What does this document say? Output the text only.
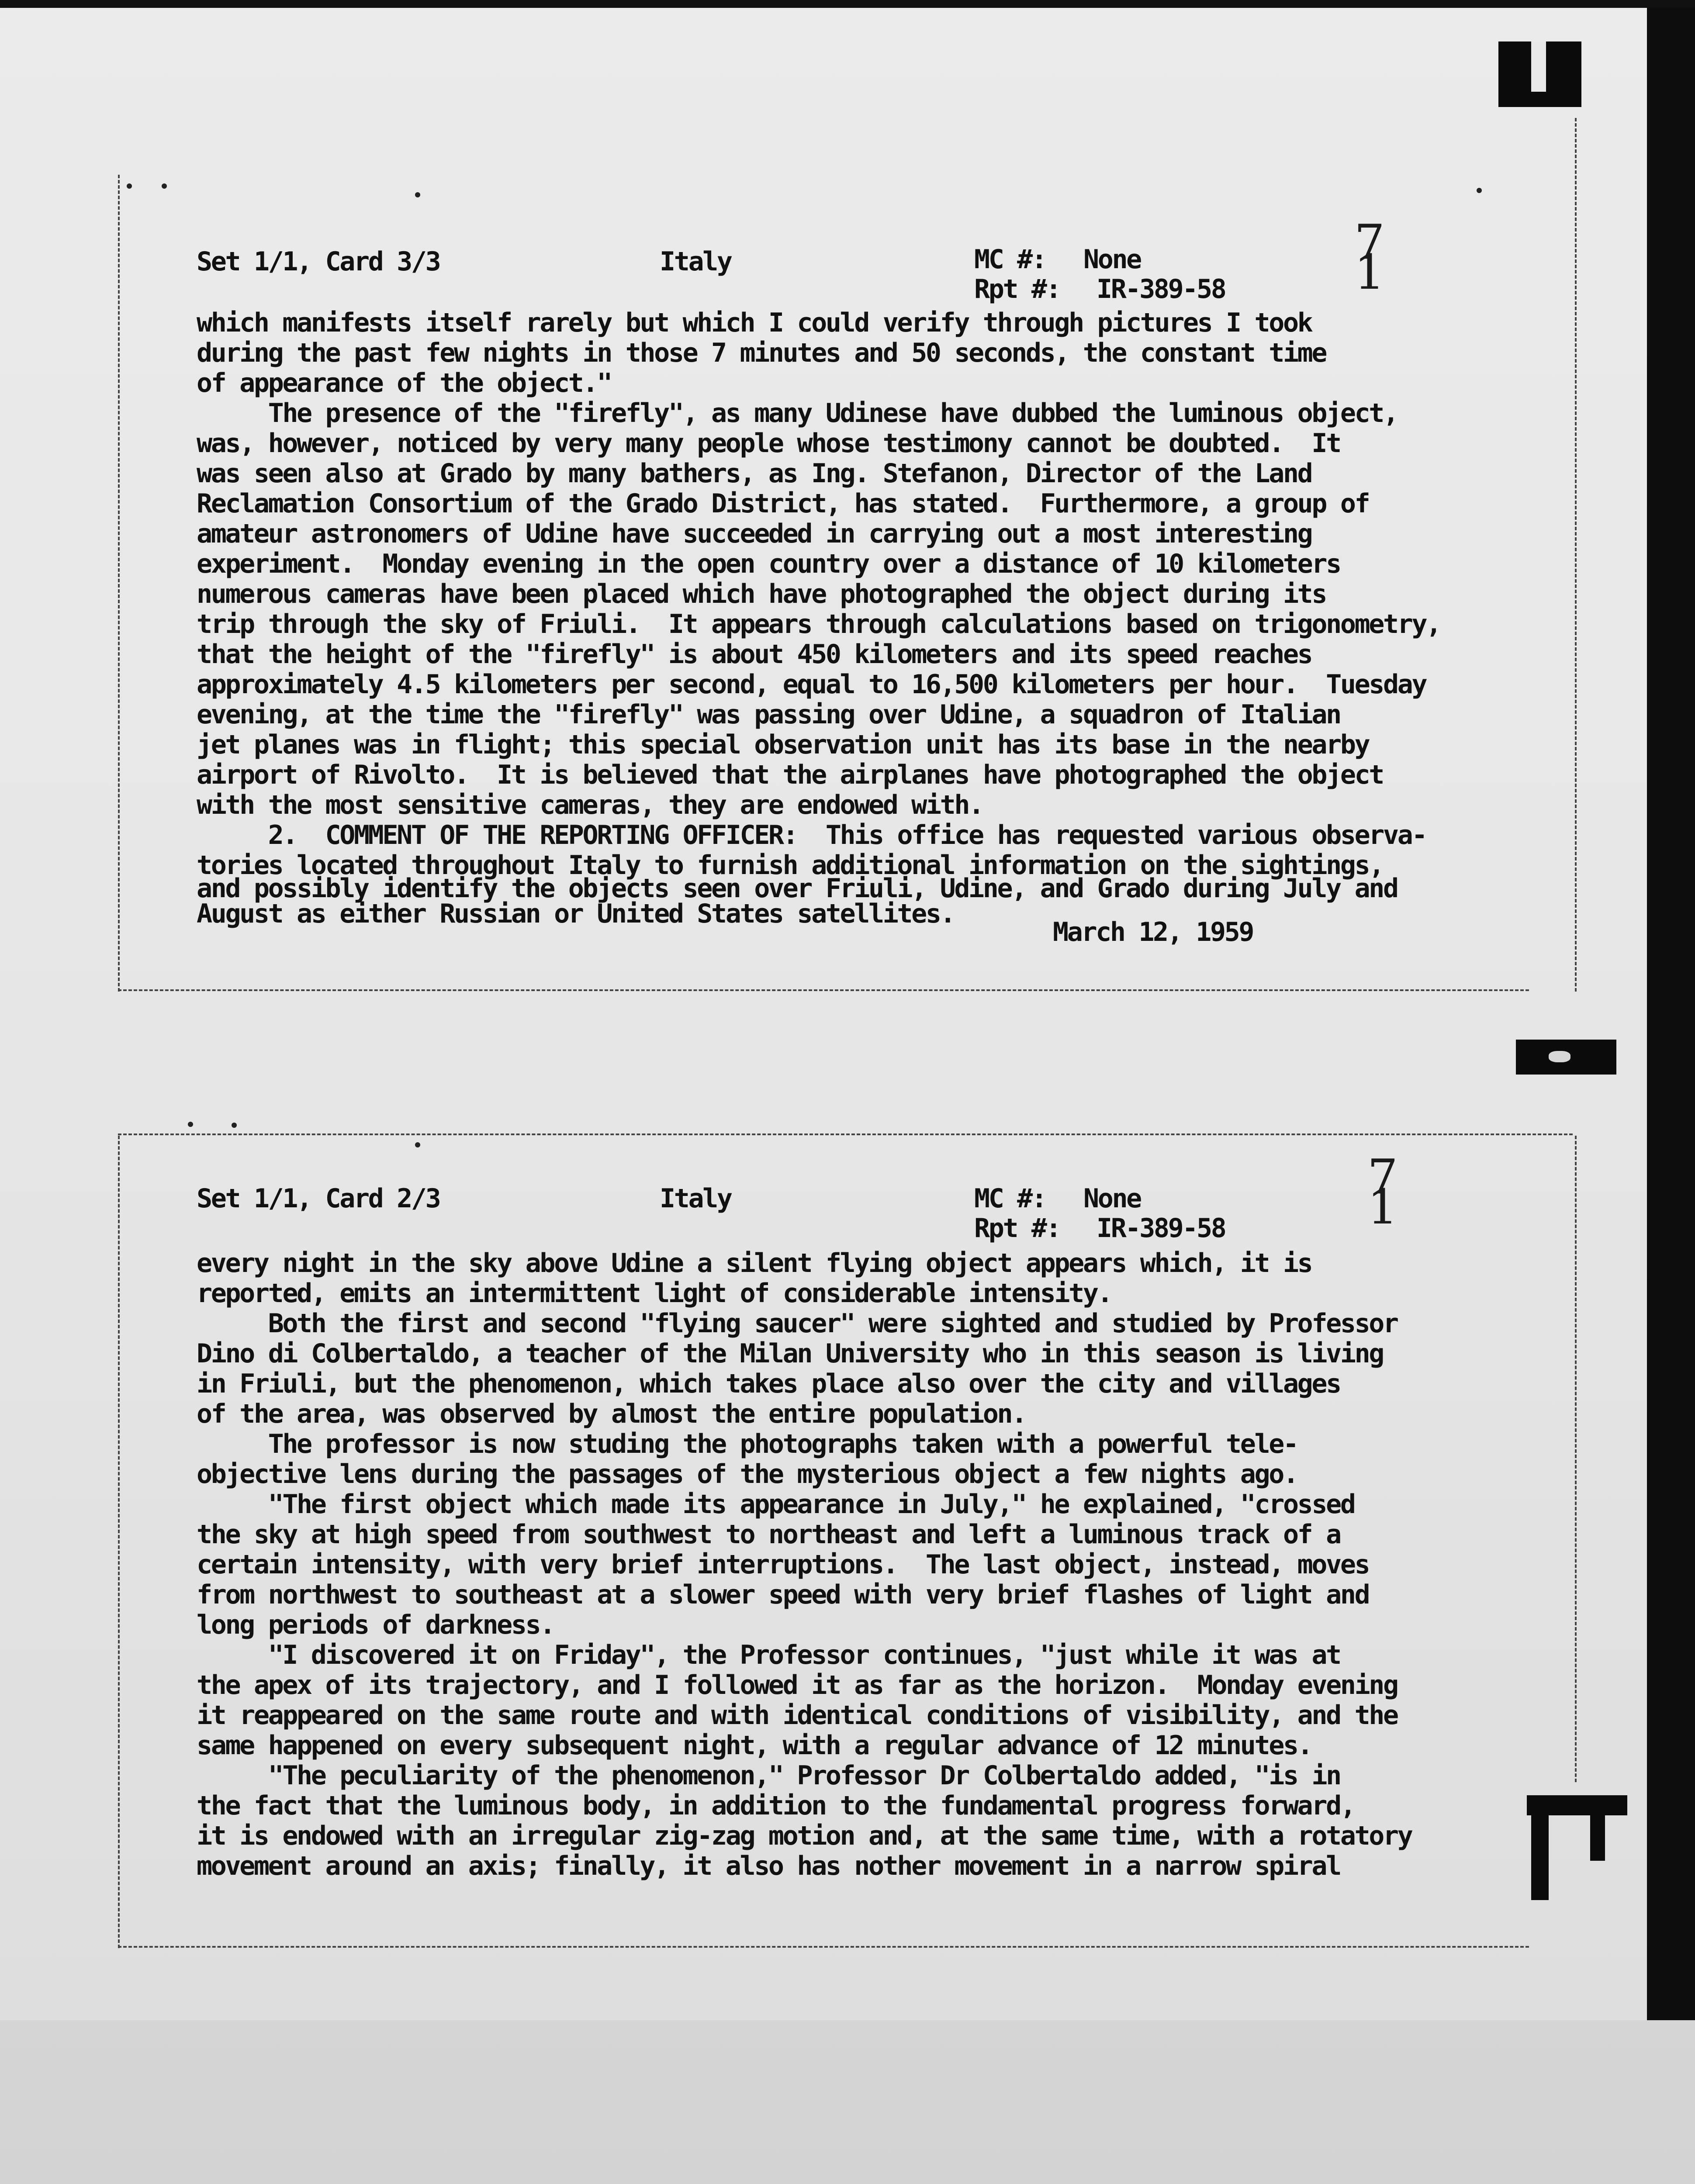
Set 1/1, Card 3/3	Italy	MC #: None
Rpt #: IR-389-58
7 1
which manifests itself rarely but which I could verify through pictures I took
during the past few nights in those 7 minutes and 50 seconds, the constant time
of appearance of the object."
The presence of the "firefly", as many Udinese have dubbed the luminous object,
was, however, noticed by very many people whose testimony cannot be doubted.  It
was seen also at Grado by many bathers, as Ing. Stefanon, Director of the Land
Reclamation Consortium of the Grado District, has stated.  Furthermore, a group of
amateur astronomers of Udine have succeeded in carrying out a most interesting
experiment.  Monday evening in the open country over a distance of 10 kilometers
numerous cameras have been placed which have photographed the object during its
trip through the sky of Friuli.  It appears through calculations based on trigonometry,
that the height of the "firefly" is about 450 kilometers and its speed reaches
approximately 4.5 kilometers per second, equal to 16,500 kilometers per hour.  Tuesday
evening, at the time the "firefly" was passing over Udine, a squadron of Italian
jet planes was in flight; this special observation unit has its base in the nearby
airport of Rivolto.  It is believed that the airplanes have photographed the object
with the most sensitive cameras, they are endowed with.
2.  COMMENT OF THE REPORTING OFFICER:  This office has requested various observa-
tories located throughout Italy to furnish additional information on the sightings,
and possibly identify the objects seen over Friuli, Udine, and Grado during July and
August as either Russian or United States satellites.
March 12, 1959
Set 1/1, Card 2/3	Italy	MC #: None
Rpt #: IR-389-58
7 1
every night in the sky above Udine a silent flying object appears which, it is
reported, emits an intermittent light of considerable intensity.
Both the first and second "flying saucer" were sighted and studied by Professor
Dino di Colbertaldo, a teacher of the Milan University who in this season is living
in Friuli, but the phenomenon, which takes place also over the city and villages
of the area, was observed by almost the entire population.
The professor is now studing the photographs taken with a powerful tele-
objective lens during the passages of the mysterious object a few nights ago.
"The first object which made its appearance in July," he explained, "crossed
the sky at high speed from southwest to northeast and left a luminous track of a
certain intensity, with very brief interruptions.  The last object, instead, moves
from northwest to southeast at a slower speed with very brief flashes of light and
long periods of darkness.
"I discovered it on Friday", the Professor continues, "just while it was at
the apex of its trajectory, and I followed it as far as the horizon.  Monday evening
it reappeared on the same route and with identical conditions of visibility, and the
same happened on every subsequent night, with a regular advance of 12 minutes.
"The peculiarity of the phenomenon," Professor Dr Colbertaldo added, "is in
the fact that the luminous body, in addition to the fundamental progress forward,
it is endowed with an irregular zig-zag motion and, at the same time, with a rotatory
movement around an axis; finally, it also has nother movement in a narrow spiral
